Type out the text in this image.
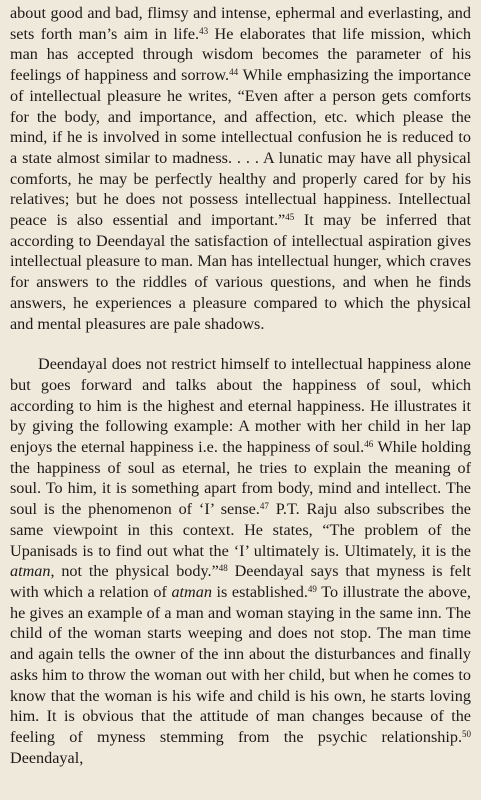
about good and bad, flimsy and intense, ephermal and everlasting, and sets forth man’s aim in life.$^{43}$ He elaborates that life mission, which man has accepted through wisdom becomes the parameter of his feelings of happiness and sorrow.$^{44}$ While emphasizing the importance of intellectual pleasure he writes, “Even after a person gets comforts for the body, and importance, and affection, etc. which please the mind, if he is involved in some intellectual confusion he is reduced to a state almost similar to madness. . . . A lunatic may have all physical comforts, he may be perfectly healthy and properly cared for by his relatives; but he does not possess intellectual happiness. Intellectual peace is also essential and important.”$^{45}$ It may be inferred that according to Deendayal the satisfaction of intellectual aspiration gives intellectual pleasure to man. Man has intellectual hunger, which craves for answers to the riddles of various questions, and when he finds answers, he experiences a pleasure compared to which the physical and mental pleasures are pale shadows.

Deendayal does not restrict himself to intellectual happiness alone but goes forward and talks about the happiness of soul, which according to him is the highest and eternal happiness. He illustrates it by giving the following example: A mother with her child in her lap enjoys the eternal happiness i.e. the happiness of soul.$^{46}$ While holding the happiness of soul as eternal, he tries to explain the meaning of soul. To him, it is something apart from body, mind and intellect. The soul is the phenomenon of ‘I’ sense.$^{47}$ P.T. Raju also subscribes the same viewpoint in this context. He states, “The problem of the Upanisads is to find out what the ‘I’ ultimately is. Ultimately, it is the atman, not the physical body.”$^{48}$ Deendayal says that myness is felt with which a relation of atman is established.$^{49}$ To illustrate the above, he gives an example of a man and woman staying in the same inn. The child of the woman starts weeping and does not stop. The man time and again tells the owner of the inn about the disturbances and finally asks him to throw the woman out with her child, but when he comes to know that the woman is his wife and child is his own, he starts loving him. It is obvious that the attitude of man changes because of the feeling of myness stemming from the psychic relationship.$^{50}$ Deendayal,
